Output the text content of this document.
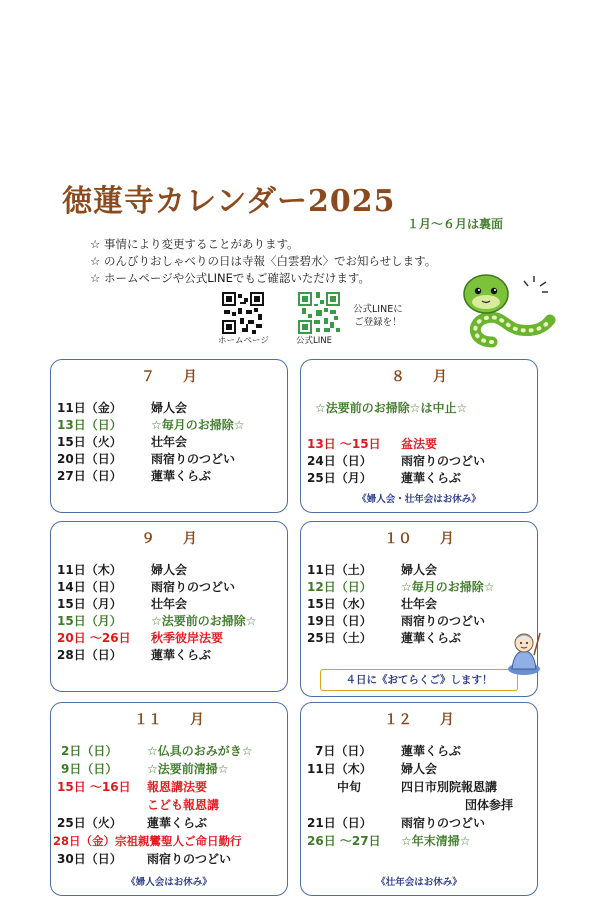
徳蓮寺カレンダー2025
１月～６月は裏面
☆ 事情により変更することがあります。
☆ のんびりおしゃべりの日は寺報〈白雲碧水〉でお知らせします。
☆ ホームページや公式LINEでもご確認いただけます。
ホームページ	公式LINE
公式LINEに
ご登録を！
７　　月
11日（金） 婦人会
13日（日） ☆毎月のお掃除☆
15日（火） 壮年会
20日（日） 雨宿りのつどい
27日（日） 蓮華くらぶ
８　　月
☆法要前のお掃除☆は中止☆
13日 ～15日 盆法要
24日（日） 雨宿りのつどい
25日（月） 蓮華くらぶ
《婦人会・壮年会はお休み》
９　　月
11日（木） 婦人会
14日（日） 雨宿りのつどい
15日（月） 壮年会
15日（月） ☆法要前のお掃除☆
20日 ～26日 秋季彼岸法要
28日（日） 蓮華くらぶ
１０　　月
11日（土） 婦人会
12日（日） ☆毎月のお掃除☆
15日（水） 壮年会
19日（日） 雨宿りのつどい
25日（土） 蓮華くらぶ
４日に《おてらくご》します！
１１　　月
2日（日） ☆仏具のおみがき☆
9日（日） ☆法要前清掃☆
15日 ～16日 報恩講法要
こども報恩講
25日（火） 蓮華くらぶ
28日（金）宗祖親鸞聖人ご命日勤行
30日（日） 雨宿りのつどい
《婦人会はお休み》
１２　　月
7日（日） 蓮華くらぶ
11日（木） 婦人会
中旬	四日市別院報恩講
団体参拝
21日（日） 雨宿りのつどい
26日 ～27日 ☆年末清掃☆
《壮年会はお休み》
